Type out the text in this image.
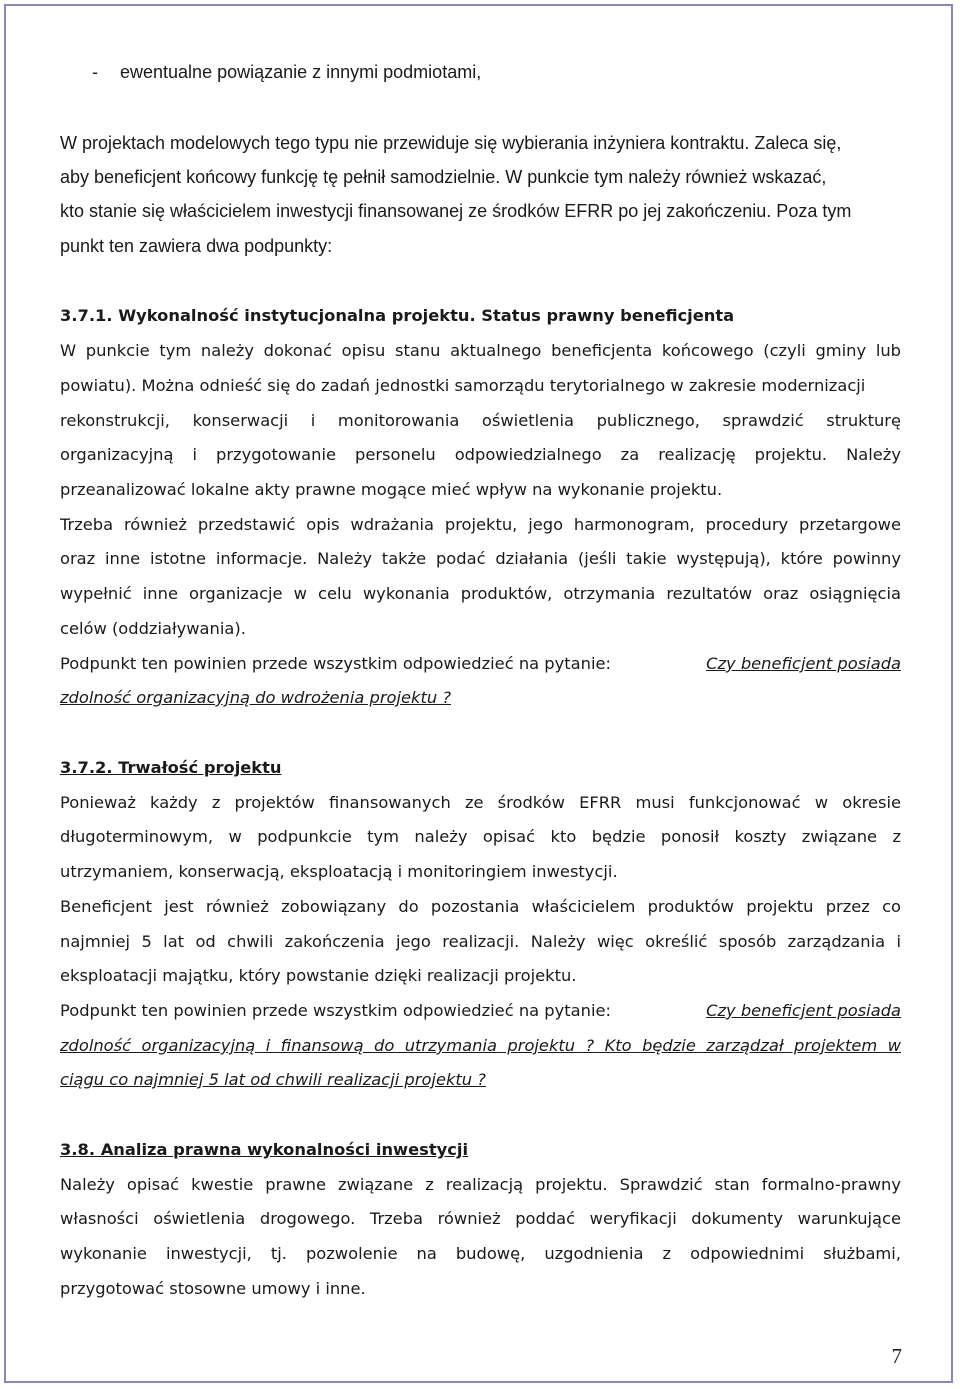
- ewentualne powiązanie z innymi podmiotami,
W projektach modelowych tego typu nie przewiduje się wybierania inżyniera kontraktu. Zaleca się,
aby beneficjent końcowy funkcję tę pełnił samodzielnie. W punkcie tym należy również wskazać,
kto stanie się właścicielem inwestycji finansowanej ze środków EFRR po jej zakończeniu. Poza tym
punkt ten zawiera dwa podpunkty:
3.7.1. Wykonalność instytucjonalna projektu. Status prawny beneficjenta
W punkcie tym należy dokonać opisu stanu aktualnego beneficjenta końcowego (czyli gminy lub
powiatu). Można odnieść się do zadań jednostki samorządu terytorialnego w zakresie modernizacji
rekonstrukcji, konserwacji i monitorowania oświetlenia publicznego, sprawdzić strukturę
organizacyjną i przygotowanie personelu odpowiedzialnego za realizację projektu. Należy
przeanalizować lokalne akty prawne mogące mieć wpływ na wykonanie projektu.
Trzeba również przedstawić opis wdrażania projektu, jego harmonogram, procedury przetargowe
oraz inne istotne informacje. Należy także podać działania (jeśli takie występują), które powinny
wypełnić inne organizacje w celu wykonania produktów, otrzymania rezultatów oraz osiągnięcia
celów (oddziaływania).
Podpunkt ten powinien przede wszystkim odpowiedzieć na pytanie:	Czy beneficjent posiada
zdolność organizacyjną do wdrożenia projektu ?
3.7.2. Trwałość projektu
Ponieważ każdy z projektów finansowanych ze środków EFRR musi funkcjonować w okresie
długoterminowym, w podpunkcie tym należy opisać kto będzie ponosił koszty związane z
utrzymaniem, konserwacją, eksploatacją i monitoringiem inwestycji.
Beneficjent jest również zobowiązany do pozostania właścicielem produktów projektu przez co
najmniej 5 lat od chwili zakończenia jego realizacji. Należy więc określić sposób zarządzania i
eksploatacji majątku, który powstanie dzięki realizacji projektu.
Podpunkt ten powinien przede wszystkim odpowiedzieć na pytanie:	Czy beneficjent posiada
zdolność organizacyjną i finansową do utrzymania projektu ? Kto będzie zarządzał projektem w
ciągu co najmniej 5 lat od chwili realizacji projektu ?
3.8. Analiza prawna wykonalności inwestycji
Należy opisać kwestie prawne związane z realizacją projektu. Sprawdzić stan formalno-prawny
własności oświetlenia drogowego. Trzeba również poddać weryfikacji dokumenty warunkujące
wykonanie inwestycji, tj. pozwolenie na budowę, uzgodnienia z odpowiednimi służbami,
przygotować stosowne umowy i inne.
7
